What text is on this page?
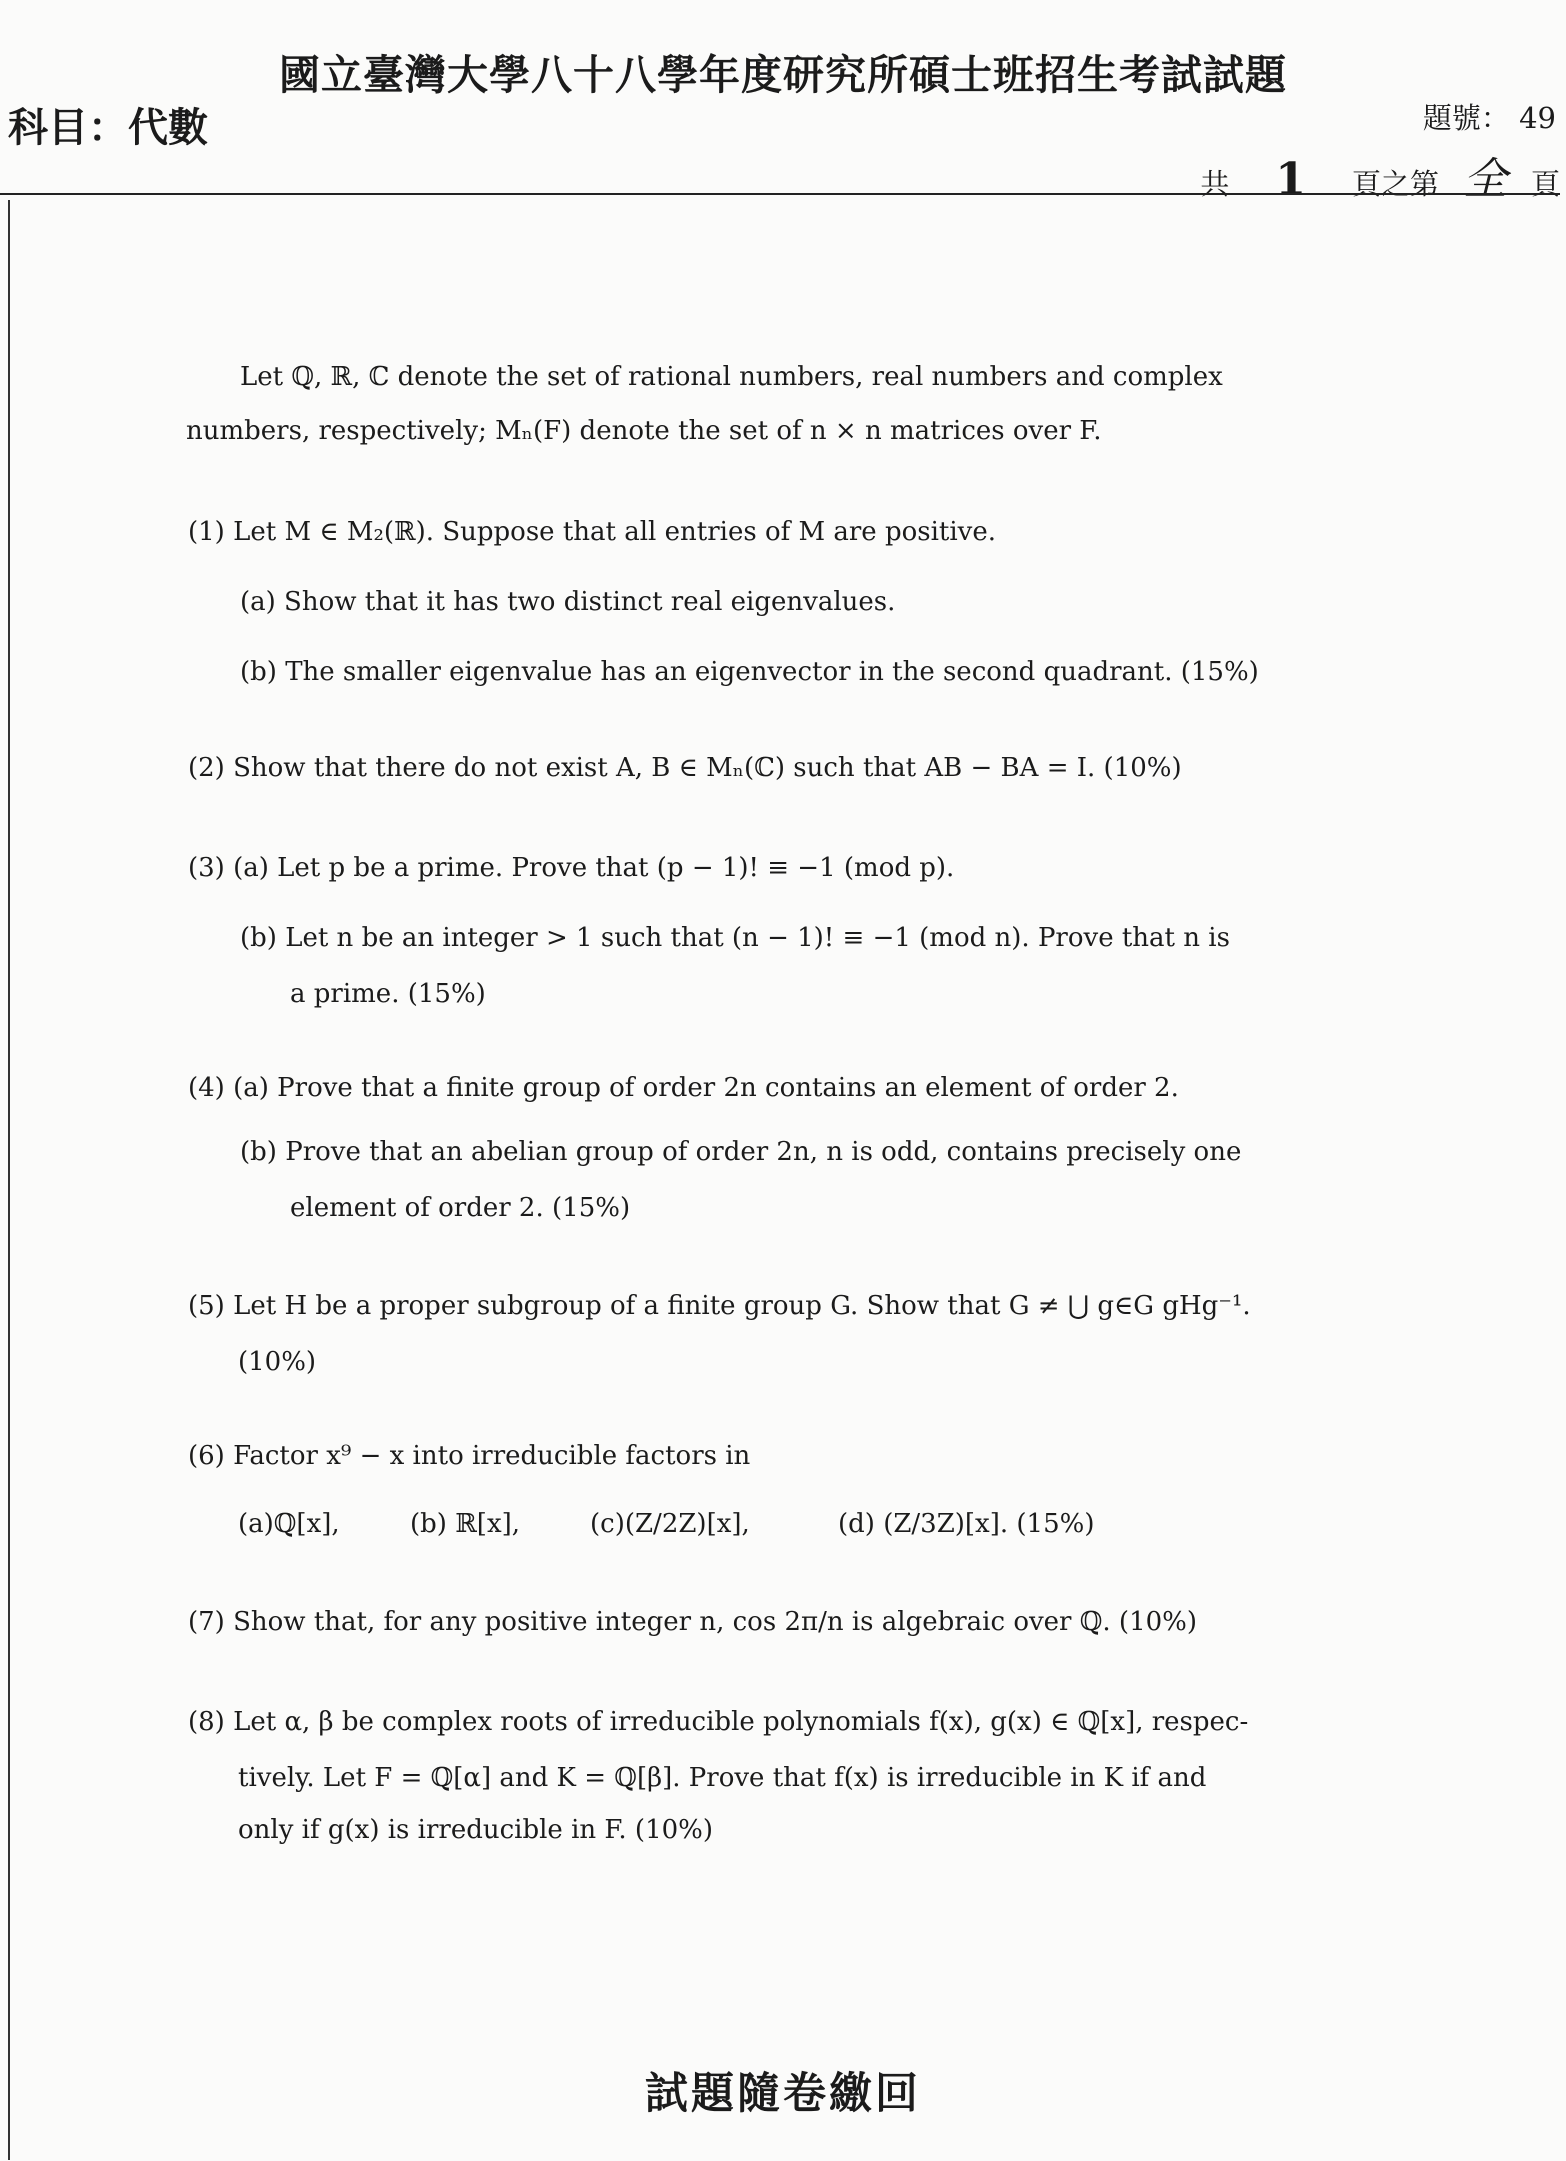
國立臺灣大學八十八學年度研究所碩士班招生考試試題
科目：代數	題號： 49
共	1	頁之第 全 頁
Let ℚ, ℝ, ℂ denote the set of rational numbers, real numbers and complex
numbers, respectively; Mₙ(F) denote the set of n × n matrices over F.
(1) Let M ∈ M₂(ℝ). Suppose that all entries of M are positive.
(a) Show that it has two distinct real eigenvalues.
(b) The smaller eigenvalue has an eigenvector in the second quadrant. (15%)
(2) Show that there do not exist A, B ∈ Mₙ(ℂ) such that AB − BA = I. (10%)
(3) (a) Let p be a prime. Prove that (p − 1)! ≡ −1 (mod p).
(b) Let n be an integer > 1 such that (n − 1)! ≡ −1 (mod n). Prove that n is
a prime. (15%)
(4) (a) Prove that a finite group of order 2n contains an element of order 2.
(b) Prove that an abelian group of order 2n, n is odd, contains precisely one
element of order 2. (15%)
(5) Let H be a proper subgroup of a finite group G. Show that G ≠ ⋃ g∈G gHg⁻¹.
(10%)
(6) Factor x⁹ − x into irreducible factors in
(a)ℚ[x],	(b) ℝ[x],	(c)(Z/2Z)[x],	(d) (Z/3Z)[x]. (15%)
(7) Show that, for any positive integer n, cos 2π/n is algebraic over ℚ. (10%)
(8) Let α, β be complex roots of irreducible polynomials f(x), g(x) ∈ ℚ[x], respec-
tively. Let F = ℚ[α] and K = ℚ[β]. Prove that f(x) is irreducible in K if and
only if g(x) is irreducible in F. (10%)
試題隨卷繳回
